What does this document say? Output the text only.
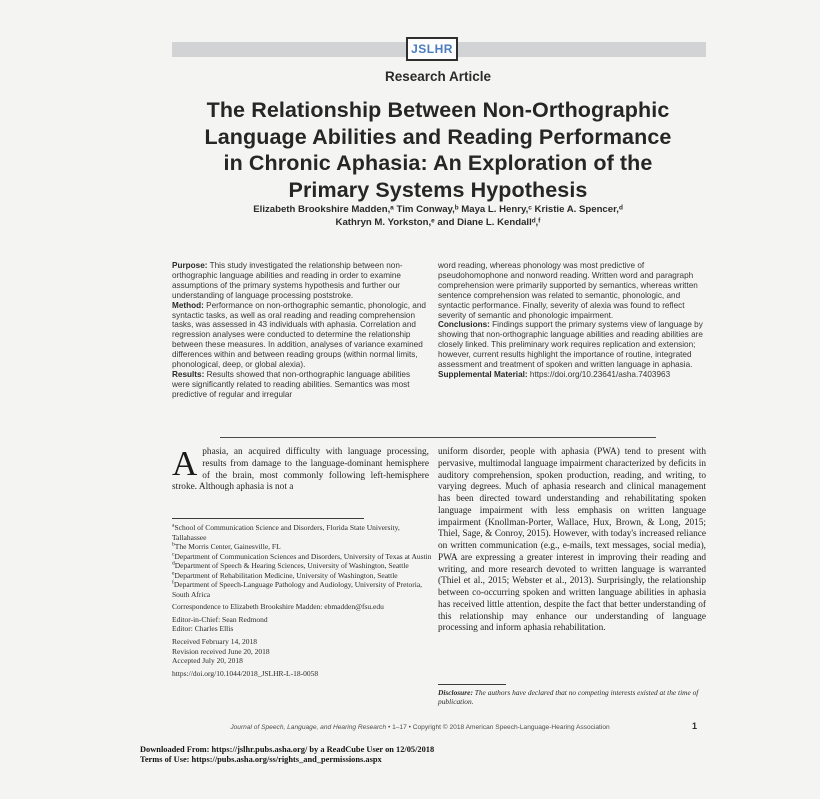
JSLHR
Research Article
The Relationship Between Non-Orthographic
Language Abilities and Reading Performance
in Chronic Aphasia: An Exploration of the
Primary Systems Hypothesis
Elizabeth Brookshire Madden,ᵃ Tim Conway,ᵇ Maya L. Henry,ᶜ Kristie A. Spencer,ᵈ
Kathryn M. Yorkston,ᵉ and Diane L. Kendallᵈ,ᶠ
Purpose: This study investigated the relationship between non-orthographic language abilities and reading in order to examine assumptions of the primary systems hypothesis and further our understanding of language processing poststroke.
Method: Performance on non-orthographic semantic, phonologic, and syntactic tasks, as well as oral reading and reading comprehension tasks, was assessed in 43 individuals with aphasia. Correlation and regression analyses were conducted to determine the relationship between these measures. In addition, analyses of variance examined differences within and between reading groups (within normal limits, phonological, deep, or global alexia).
Results: Results showed that non-orthographic language abilities were significantly related to reading abilities. Semantics was most predictive of regular and irregular
word reading, whereas phonology was most predictive of pseudohomophone and nonword reading. Written word and paragraph comprehension were primarily supported by semantics, whereas written sentence comprehension was related to semantic, phonologic, and syntactic performance. Finally, severity of alexia was found to reflect severity of semantic and phonologic impairment.
Conclusions: Findings support the primary systems view of language by showing that non-orthographic language abilities and reading abilities are closely linked. This preliminary work requires replication and extension; however, current results highlight the importance of routine, integrated assessment and treatment of spoken and written language in aphasia.
Supplemental Material: https://doi.org/10.23641/asha.7403963
Aphasia, an acquired difficulty with language processing, results from damage to the language-dominant hemisphere of the brain, most commonly following left-hemisphere stroke. Although aphasia is not a
uniform disorder, people with aphasia (PWA) tend to present with pervasive, multimodal language impairment characterized by deficits in auditory comprehension, spoken production, reading, and writing, to varying degrees. Much of aphasia research and clinical management has been directed toward understanding and rehabilitating spoken language impairment with less emphasis on written language impairment (Knollman-Porter, Wallace, Hux, Brown, & Long, 2015; Thiel, Sage, & Conroy, 2015). However, with today's increased reliance on written communication (e.g., e-mails, text messages, social media), PWA are expressing a greater interest in improving their reading and writing, and more research devoted to written language is warranted (Thiel et al., 2015; Webster et al., 2013). Surprisingly, the relationship between co-occurring spoken and written language abilities in aphasia has received little attention, despite the fact that better understanding of this relationship may enhance our understanding of language processing and inform aphasia rehabilitation.
$^a$School of Communication Science and Disorders, Florida State University, Tallahassee
$^b$The Morris Center, Gainesville, FL
$^c$Department of Communication Sciences and Disorders, University of Texas at Austin
$^d$Department of Speech & Hearing Sciences, University of Washington, Seattle
$^e$Department of Rehabilitation Medicine, University of Washington, Seattle
$^f$Department of Speech-Language Pathology and Audiology, University of Pretoria, South Africa
Correspondence to Elizabeth Brookshire Madden: ebmadden@fsu.edu
Editor-in-Chief: Sean Redmond
Editor: Charles Ellis
Received February 14, 2018
Revision received June 20, 2018
Accepted July 20, 2018
https://doi.org/10.1044/2018_JSLHR-L-18-0058
Disclosure: The authors have declared that no competing interests existed at the time of publication.
Journal of Speech, Language, and Hearing Research • 1–17 • Copyright © 2018 American Speech-Language-Hearing Association	1
Downloaded From: https://jslhr.pubs.asha.org/ by a ReadCube User on 12/05/2018
Terms of Use: https://pubs.asha.org/ss/rights_and_permissions.aspx
